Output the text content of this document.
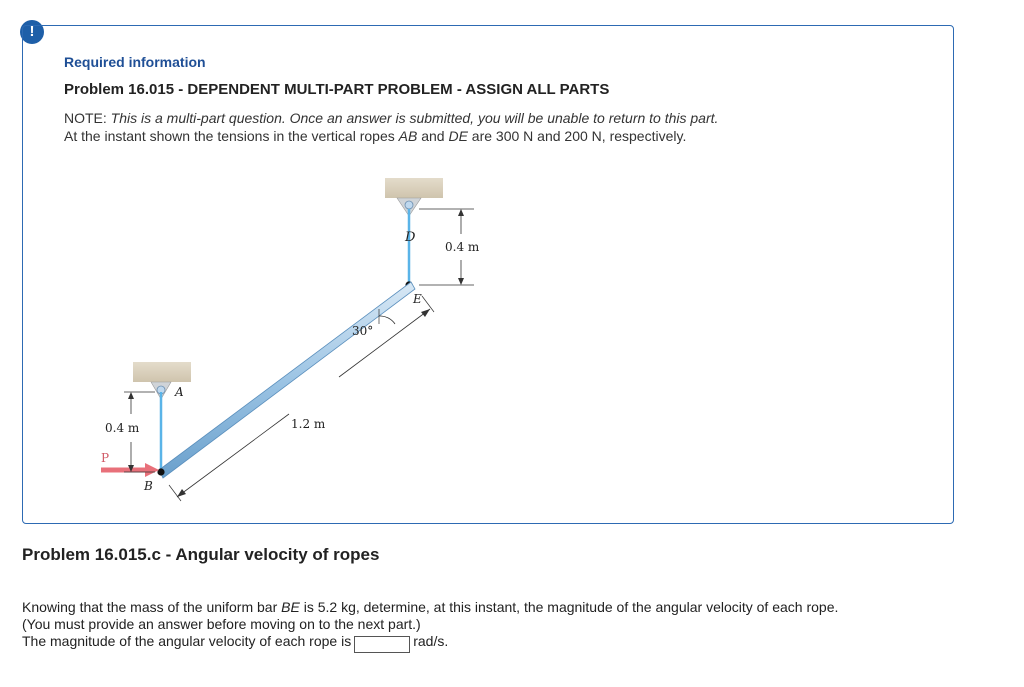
!
Required information
Problem 16.015 - DEPENDENT MULTI-PART PROBLEM - ASSIGN ALL PARTS
NOTE: This is a multi-part question. Once an answer is submitted, you will be unable to return to this part.
At the instant shown the tensions in the vertical ropes AB and DE are 300 N and 200 N, respectively.
D
E
A
B
P
0.4 m
0.4 m	1.2 m
30°
Problem 16.015.c - Angular velocity of ropes
Knowing that the mass of the uniform bar BE is 5.2 kg, determine, at this instant, the magnitude of the angular velocity of each rope.
(You must provide an answer before moving on to the next part.)
The magnitude of the angular velocity of each rope is	rad/s.
